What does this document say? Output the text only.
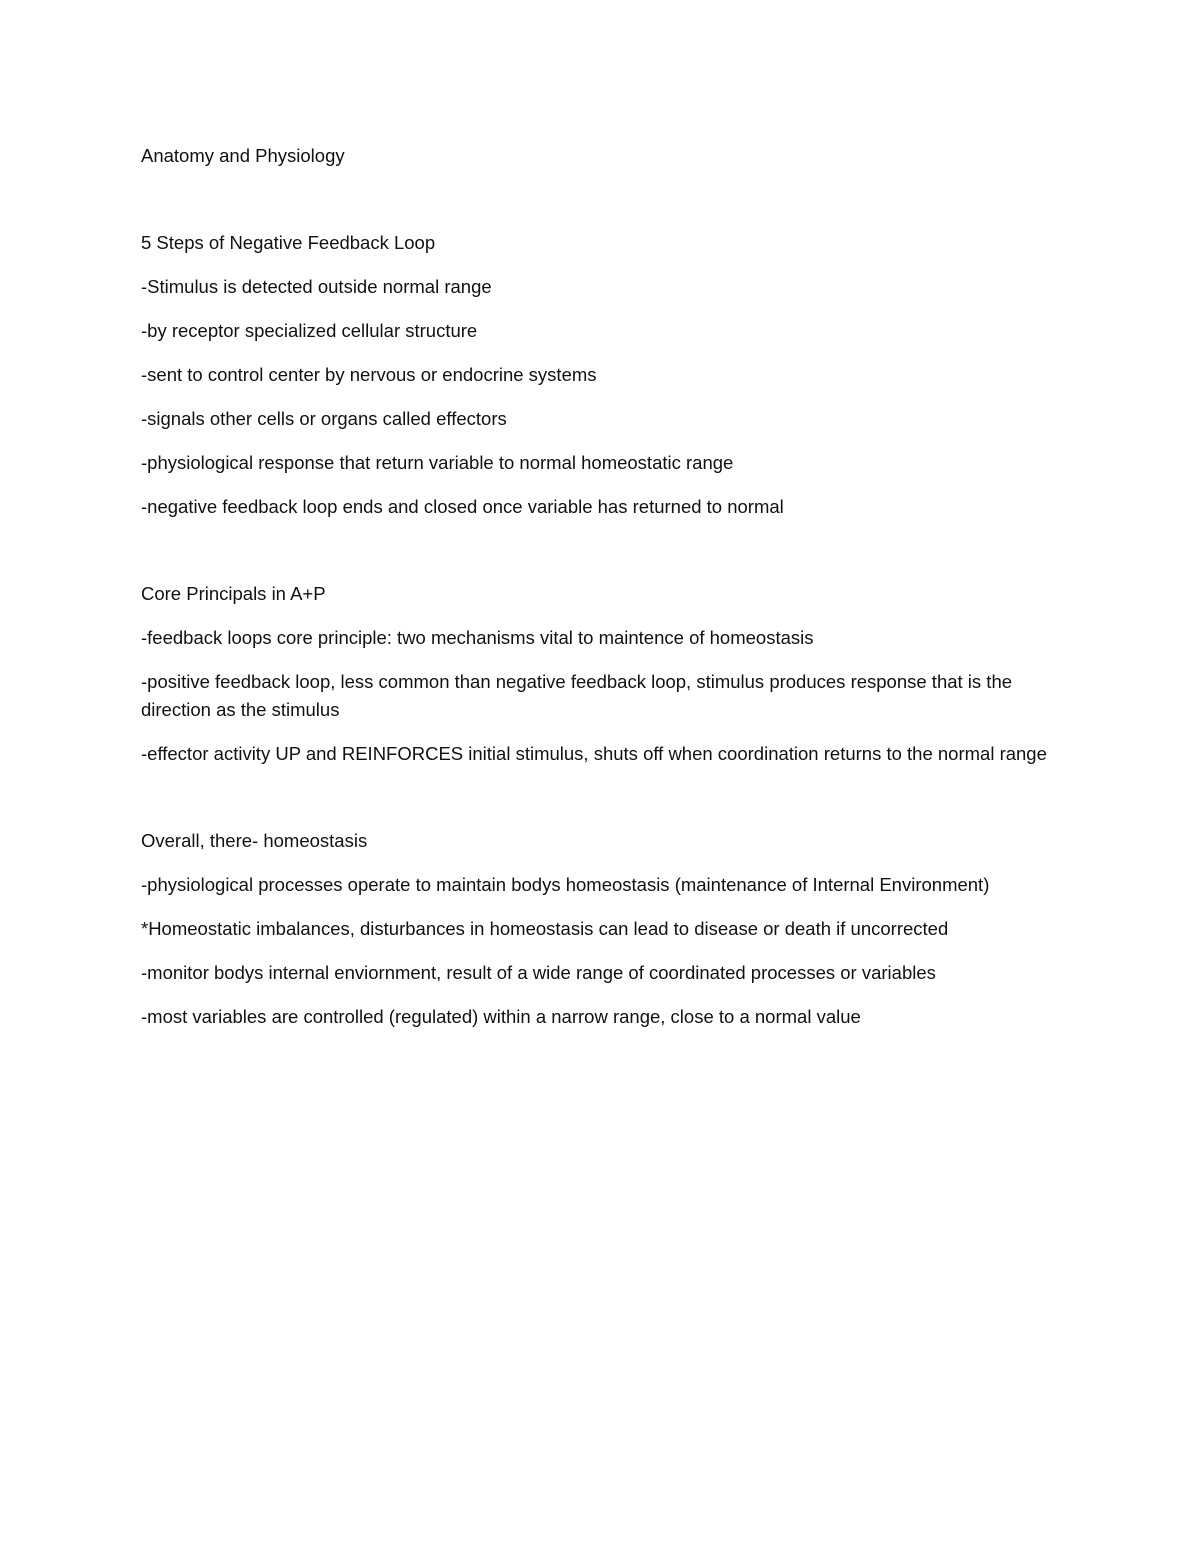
Anatomy and Physiology
5 Steps of Negative Feedback Loop
-Stimulus is detected outside normal range
-by receptor specialized cellular structure
-sent to control center by nervous or endocrine systems
-signals other cells or organs called effectors
-physiological response that return variable to normal homeostatic range
-negative feedback loop ends and closed once variable has returned to normal
Core Principals in A+P
-feedback loops core principle: two mechanisms vital to maintence of homeostasis
-positive feedback loop, less common than negative feedback loop, stimulus produces response that is the direction as the stimulus
-effector activity UP and REINFORCES initial stimulus, shuts off when coordination returns to the normal range
Overall, there- homeostasis
-physiological processes operate to maintain bodys homeostasis (maintenance of Internal Environment)
*Homeostatic imbalances, disturbances in homeostasis can lead to disease or death if uncorrected
-monitor bodys internal enviornment, result of a wide range of coordinated processes or variables
-most variables are controlled (regulated) within a narrow range, close to a normal value
